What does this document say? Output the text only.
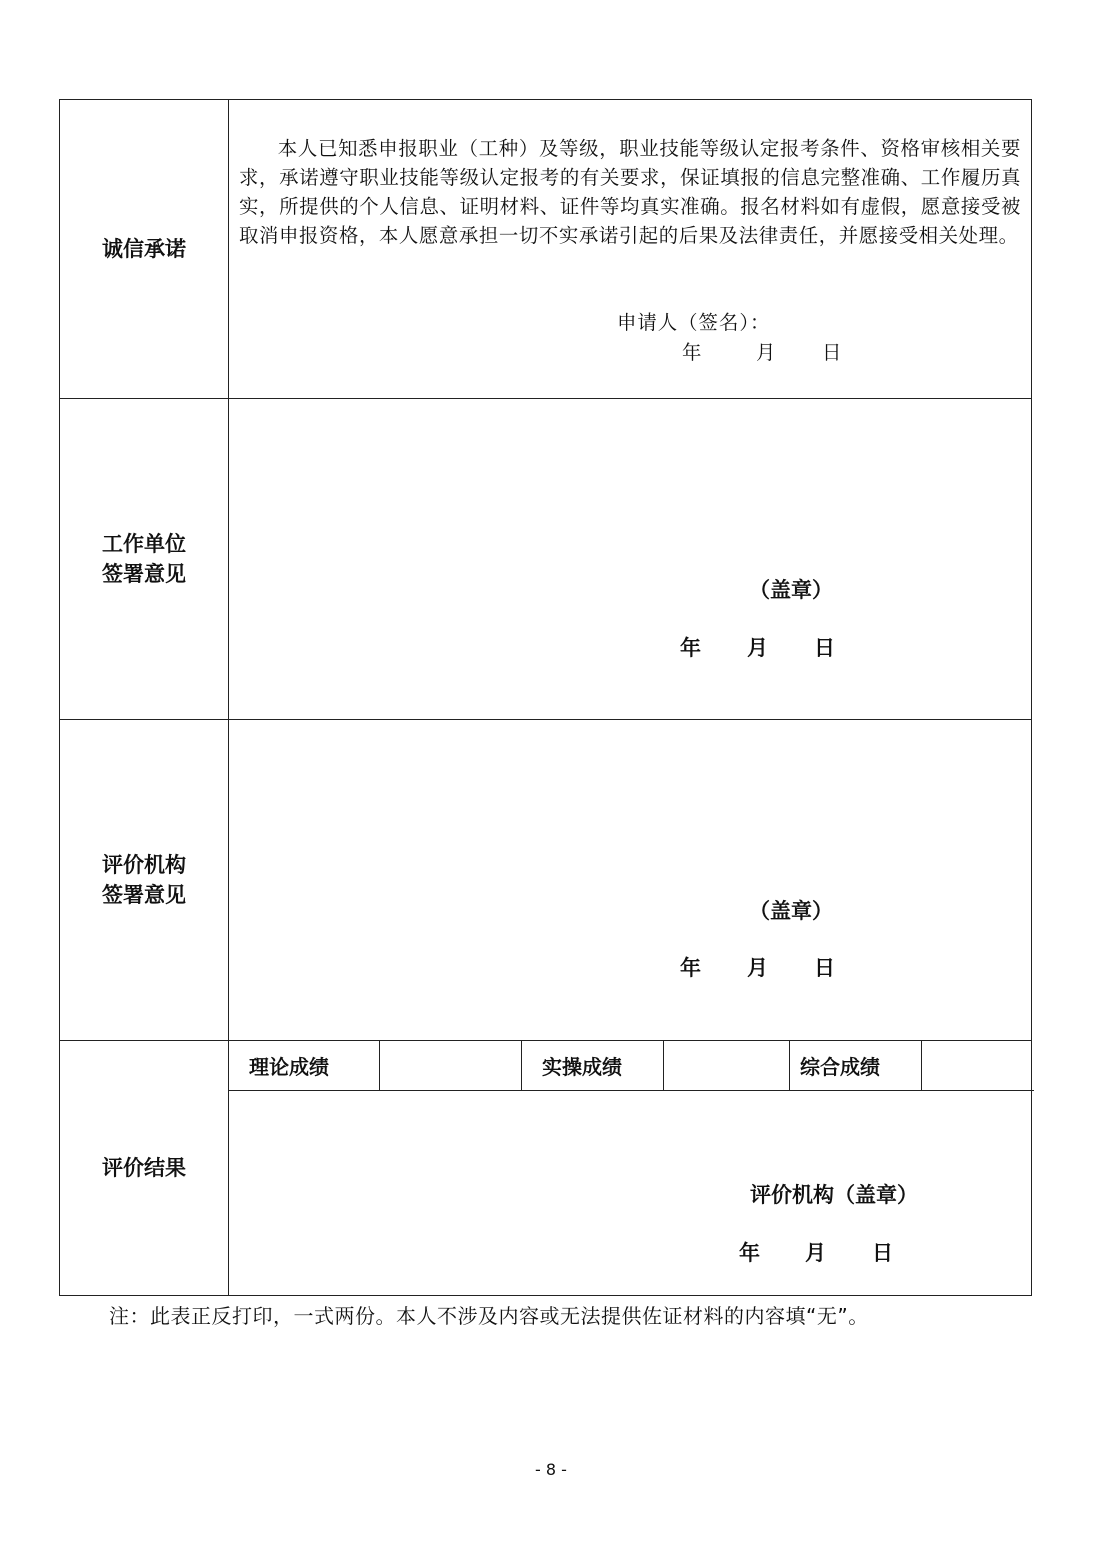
诚信承诺

本人已知悉申报职业（工种）及等级，职业技能等级认定报考条件、资格审核相关要求，承诺遵守职业技能等级认定报考的有关要求，保证填报的信息完整准确、工作履历真实，所提供的个人信息、证明材料、证件等均真实准确。报名材料如有虚假，愿意接受被取消申报资格，本人愿意承担一切不实承诺引起的后果及法律责任，并愿接受相关处理。

申请人（签名）：
年	月 日

工作单位
签署意见

（盖章）
年 月 日

评价机构
签署意见

（盖章）
年 月 日

评价结果

理论成绩		实操成绩		综合成绩	
评价机构（盖章）
年 月 日
注：此表正反打印，一式两份。本人不涉及内容或无法提供佐证材料的内容填“无”。
- 8 -
